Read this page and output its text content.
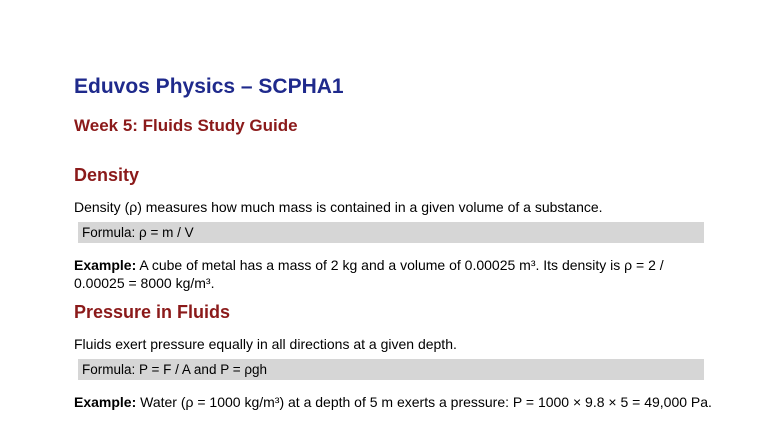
Eduvos Physics – SCPHA1
Week 5: Fluids Study Guide
Density

Density (ρ) measures how much mass is contained in a given volume of a substance.

Formula: ρ = m / V

Example: A cube of metal has a mass of 2 kg and a volume of 0.00025 m³. Its density is ρ = 2 / 0.00025 = 8000 kg/m³.

Pressure in Fluids

Fluids exert pressure equally in all directions at a given depth.

Formula: P = F / A and P = ρgh

Example: Water (ρ = 1000 kg/m³) at a depth of 5 m exerts a pressure: P = 1000 × 9.8 × 5 = 49,000 Pa.
